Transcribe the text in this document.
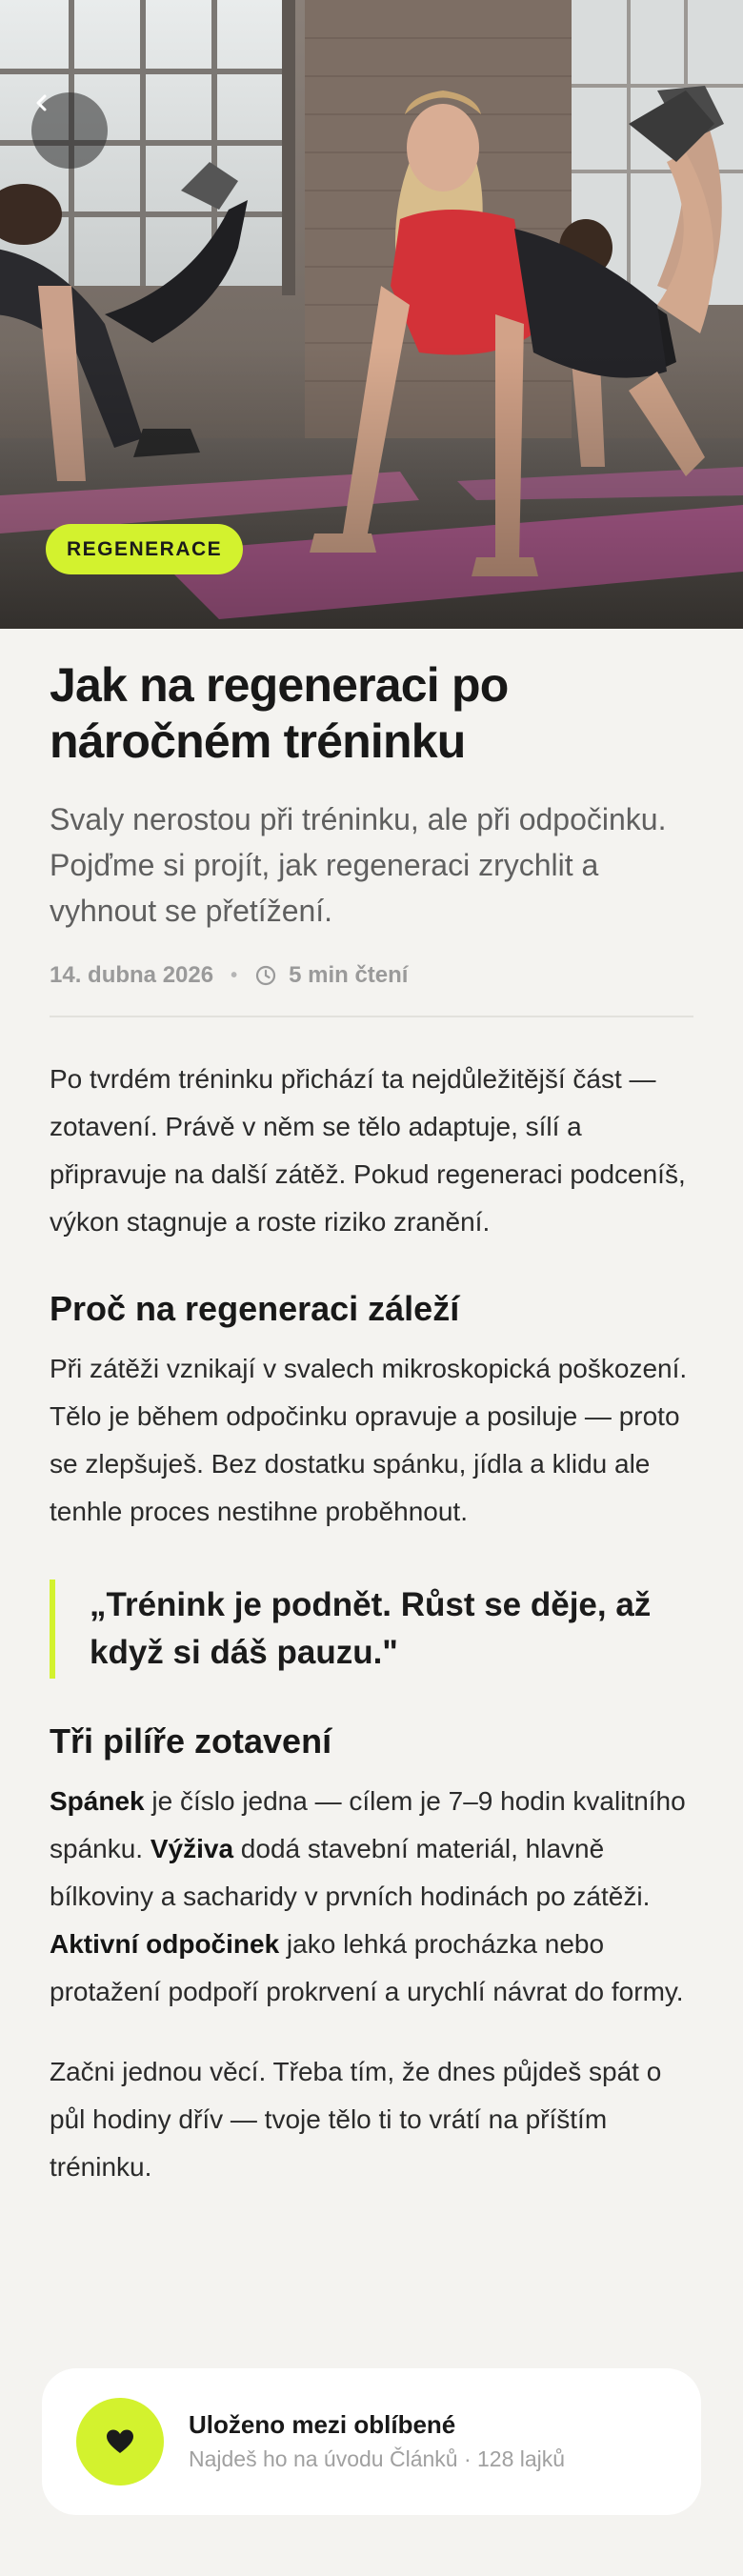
REGENERACE
Jak na regeneraci po náročném tréninku

Svaly nerostou při tréninku, ale při odpočinku. Pojďme si projít, jak regeneraci zrychlit a vyhnout se přetížení.

14. dubna 2026 • 5 min čtení

Po tvrdém tréninku přichází ta nejdůležitější část — zotavení. Právě v něm se tělo adaptuje, sílí a připravuje na další zátěž. Pokud regeneraci podceníš, výkon stagnuje a roste riziko zranění.

Proč na regeneraci záleží

Při zátěži vznikají v svalech mikroskopická poškození. Tělo je během odpočinku opravuje a posiluje — proto se zlepšuješ. Bez dostatku spánku, jídla a klidu ale tenhle proces nestihne proběhnout.

„Trénink je podnět. Růst se děje, až když si dáš pauzu."
Tři pilíře zotavení

Spánek je číslo jedna — cílem je 7–9 hodin kvalitního spánku. Výživa dodá stavební materiál, hlavně bílkoviny a sacharidy v prvních hodinách po zátěži. Aktivní odpočinek jako lehká procházka nebo protažení podpoří prokrvení a urychlí návrat do formy.

Začni jednou věcí. Třeba tím, že dnes půjdeš spát o půl hodiny dřív — tvoje tělo ti to vrátí na příštím tréninku.

Uloženo mezi oblíbené
Najdeš ho na úvodu Článků · 128 lajků
